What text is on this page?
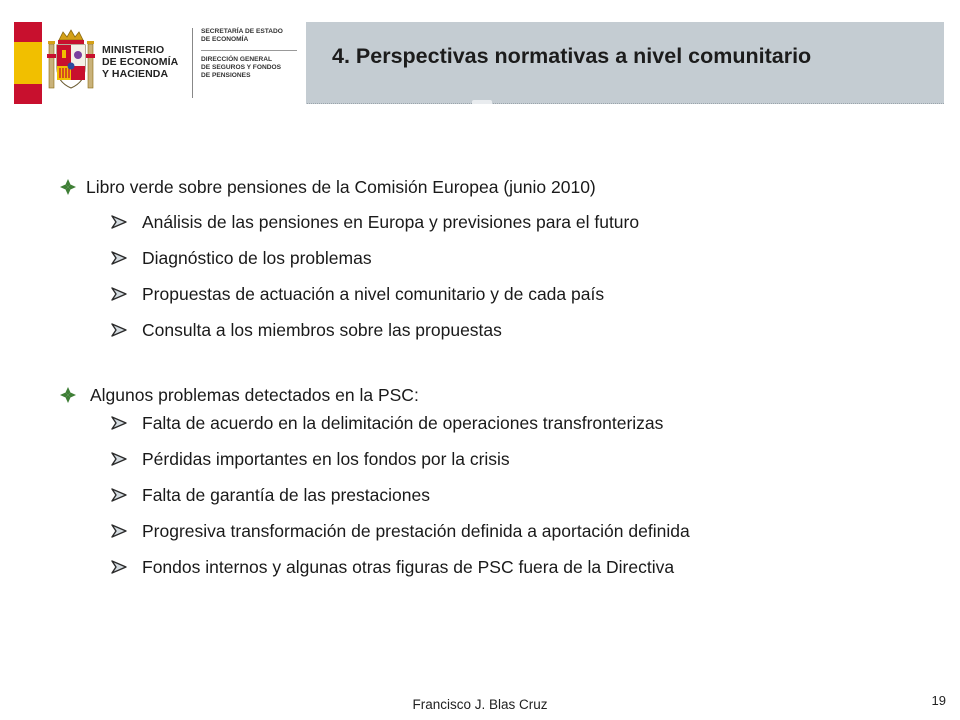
MINISTERIO
DE ECONOMÍA
Y HACIENDA
SECRETARÍA DE ESTADO
DE ECONOMÍA
DIRECCIÓN GENERAL
DE SEGUROS Y FONDOS
DE PENSIONES
4. Perspectivas normativas a nivel comunitario
Libro verde sobre pensiones de la Comisión Europea (junio 2010)
Análisis de las pensiones en Europa y previsiones para el futuro
Diagnóstico de los problemas
Propuestas de actuación a nivel comunitario y de cada país
Consulta a los miembros sobre las propuestas
Algunos problemas detectados en la PSC:
Falta de acuerdo en la delimitación de operaciones transfronterizas
Pérdidas importantes en los fondos por la crisis
Falta de garantía de las prestaciones
Progresiva transformación de prestación definida a aportación definida
Fondos internos y algunas otras figuras de PSC fuera de la Directiva
Francisco J. Blas Cruz	19
